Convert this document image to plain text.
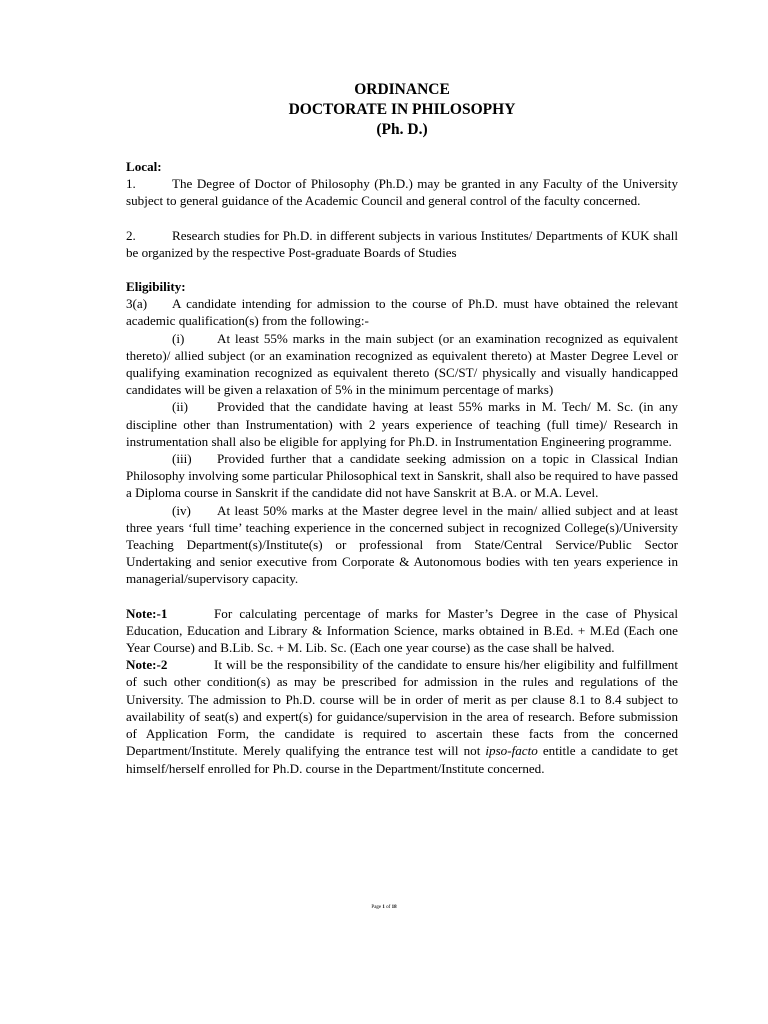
ORDINANCE
DOCTORATE IN PHILOSOPHY
(Ph. D.)
Local:

1.	The Degree of Doctor of Philosophy (Ph.D.) may be granted in any Faculty of the University subject to general guidance of the Academic Council and general control of the faculty concerned.

2.	Research studies for Ph.D. in different subjects in various Institutes/ Departments of KUK shall be organized by the respective Post-graduate Boards of Studies

Eligibility:

3(a) A candidate intending for admission to the course of Ph.D. must have obtained the relevant academic qualification(s) from the following:-

(i) At least 55% marks in the main subject (or an examination recognized as equivalent thereto)/ allied subject (or an examination recognized as equivalent thereto) at Master Degree Level or qualifying examination recognized as equivalent thereto (SC/ST/ physically and visually handicapped candidates will be given a relaxation of 5% in the minimum percentage of marks)

(ii) Provided that the candidate having at least 55% marks in M. Tech/ M. Sc. (in any discipline other than Instrumentation) with 2 years experience of teaching (full time)/ Research in instrumentation shall also be eligible for applying for Ph.D. in Instrumentation Engineering programme.

(iii) Provided further that a candidate seeking admission on a topic in Classical Indian Philosophy involving some particular Philosophical text in Sanskrit, shall also be required to have passed a Diploma course in Sanskrit if the candidate did not have Sanskrit at B.A. or M.A. Level.

(iv) At least 50% marks at the Master degree level in the main/ allied subject and at least three years ‘full time’ teaching experience in the concerned subject in recognized College(s)/University Teaching Department(s)/Institute(s) or professional from State/Central Service/Public Sector Undertaking and senior executive from Corporate & Autonomous bodies with ten years experience in managerial/supervisory capacity.

Note:-1	For calculating percentage of marks for Master’s Degree in the case of Physical Education, Education and Library & Information Science, marks obtained in B.Ed. + M.Ed (Each one Year Course) and B.Lib. Sc. + M. Lib. Sc. (Each one year course) as the case shall be halved.

Note:-2	It will be the responsibility of the candidate to ensure his/her eligibility and fulfillment of such other condition(s) as may be prescribed for admission in the rules and regulations of the University. The admission to Ph.D. course will be in order of merit as per clause 8.1 to 8.4 subject to availability of seat(s) and expert(s) for guidance/supervision in the area of research. Before submission of Application Form, the candidate is required to ascertain these facts from the concerned Department/Institute. Merely qualifying the entrance test will not ipso-facto entitle a candidate to get himself/herself enrolled for Ph.D. course in the Department/Institute concerned.

Page 1 of 18
